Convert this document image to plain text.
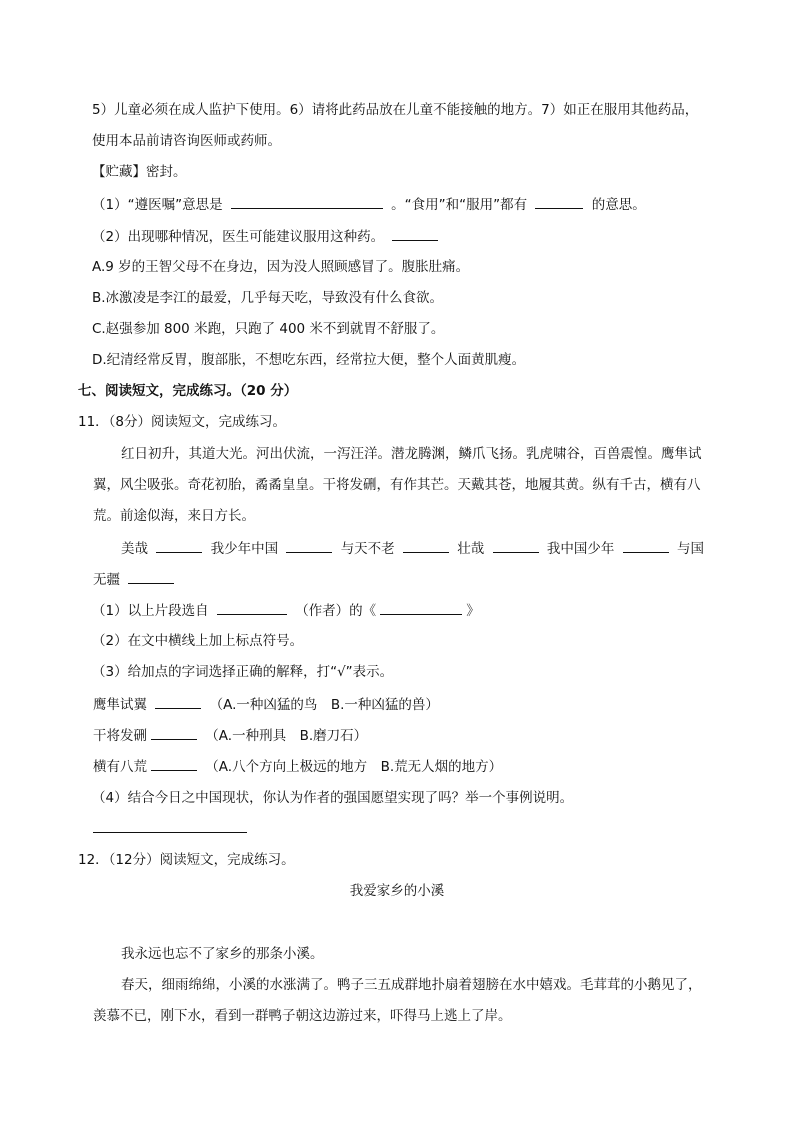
5）儿童必须在成人监护下使用。6）请将此药品放在儿童不能接触的地方。7）如正在服用其他药品，
使用本品前请咨询医师或药师。
【贮藏】密封。
（1）“遵医嘱”意思是	。“食用”和“服用”都有	的意思。
（2）出现哪种情况，医生可能建议服用这种药。
A.9 岁的王智父母不在身边，因为没人照顾感冒了。腹胀肚痛。
B.冰激凌是李江的最爱，几乎每天吃，导致没有什么食欲。
C.赵强参加 800 米跑，只跑了 400 米不到就胃不舒服了。
D.纪清经常反胃，腹部胀，不想吃东西，经常拉大便，整个人面黄肌瘦。
七、阅读短文，完成练习。（20 分）
11．（8分）阅读短文，完成练习。
红日初升，其道大光。河出伏流，一泻汪洋。潜龙腾渊，鳞爪飞扬。乳虎啸谷，百兽震惶。鹰隼试
翼，风尘吸张。奇花初胎，矞矞皇皇。干将发硎，有作其芒。天戴其苍，地履其黄。纵有千古，横有八
荒。前途似海，来日方长。
美哉	我少年中国	与天不老	壮哉	我中国少年	与国
无疆
（1）以上片段选自	（作者）的《	》
（2）在文中横线上加上标点符号。
（3）给加点的字词选择正确的解释，打“√”表示。
鹰隼试翼	（A.一种凶猛的鸟　B.一种凶猛的兽）
干将发硎	（A.一种刑具　B.磨刀石）
横有八荒	（A.八个方向上极远的地方　B.荒无人烟的地方）
（4）结合今日之中国现状，你认为作者的强国愿望实现了吗？举一个事例说明。
12．（12分）阅读短文，完成练习。
我爱家乡的小溪
我永远也忘不了家乡的那条小溪。
春天，细雨绵绵，小溪的水涨满了。鸭子三五成群地扑扇着翅膀在水中嬉戏。毛茸茸的小鹅见了，
羡慕不已，刚下水，看到一群鸭子朝这边游过来，吓得马上逃上了岸。
